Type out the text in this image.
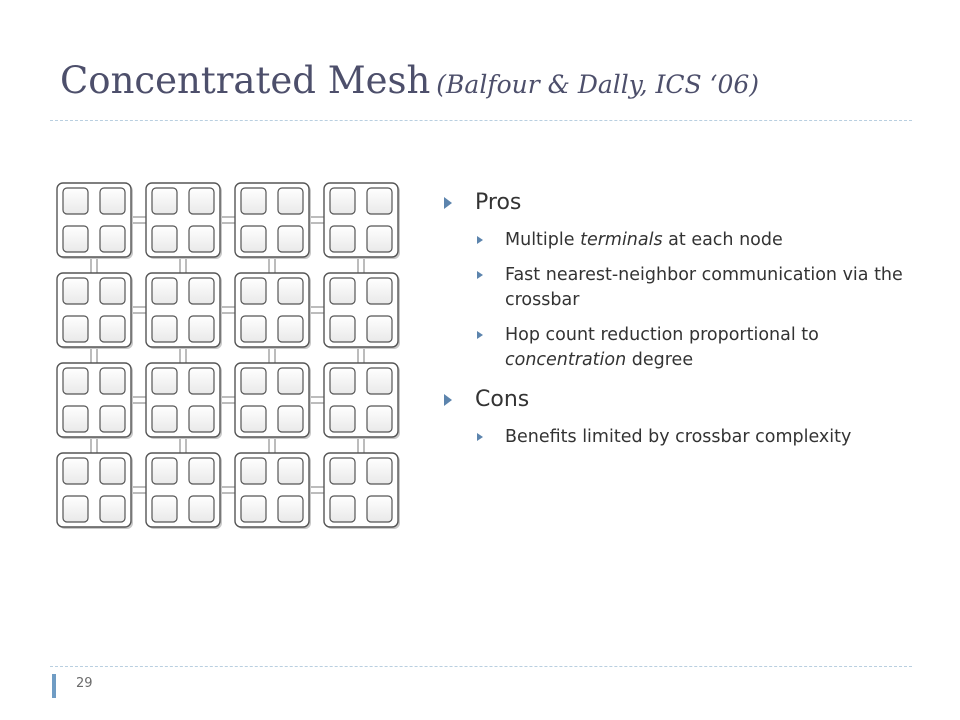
Concentrated Mesh (Balfour & Dally, ICS ‘06)
Pros
Multiple terminals at each node
Fast nearest-neighbor communication via the crossbar
Hop count reduction proportional to concentration degree
Cons
Benefits limited by crossbar complexity
29
